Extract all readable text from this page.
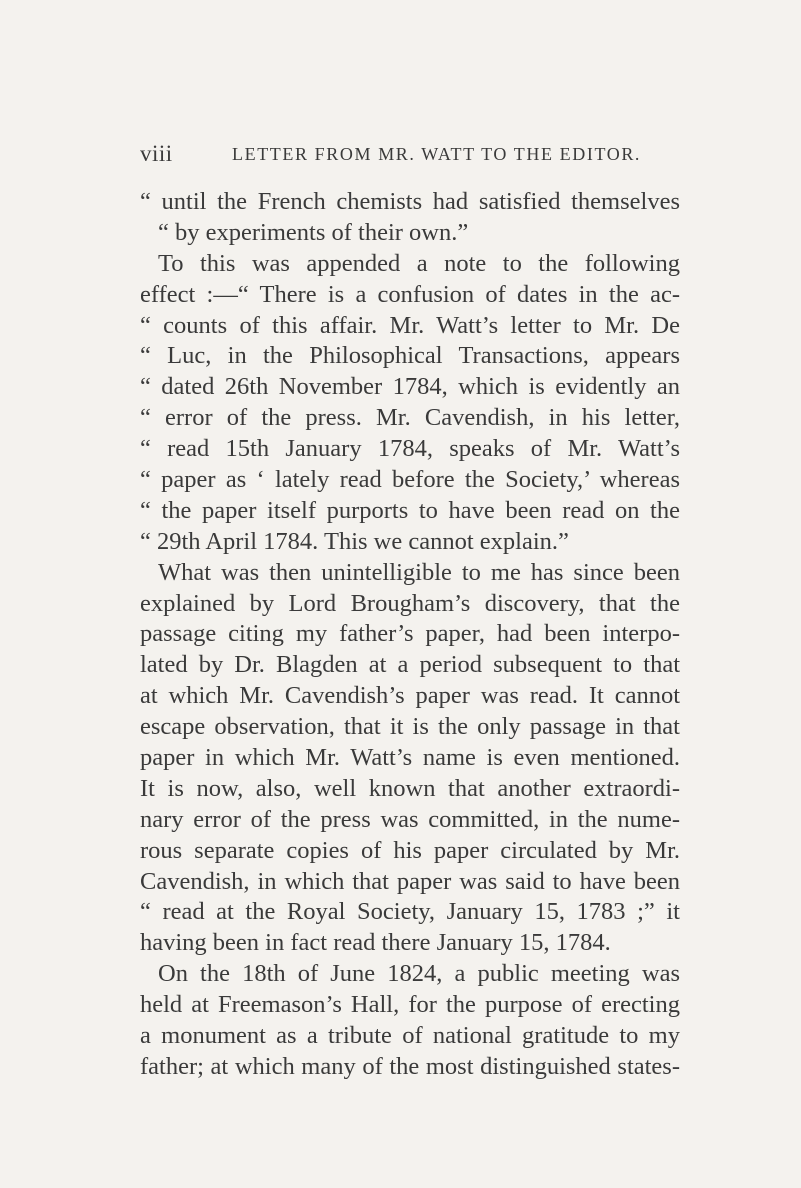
viii	LETTER FROM MR. WATT TO THE EDITOR.
“ until the French chemists had satisfied themselves
“ by experiments of their own.”
To this was appended a note to the following
effect :—“ There is a confusion of dates in the ac-
“ counts of this affair. Mr. Watt’s letter to Mr. De
“ Luc, in the Philosophical Transactions, appears
“ dated 26th November 1784, which is evidently an
“ error of the press. Mr. Cavendish, in his letter,
“ read 15th January 1784, speaks of Mr. Watt’s
“ paper as ‘ lately read before the Society,’ whereas
“ the paper itself purports to have been read on the
“ 29th April 1784. This we cannot explain.”
What was then unintelligible to me has since been
explained by Lord Brougham’s discovery, that the
passage citing my father’s paper, had been interpo-
lated by Dr. Blagden at a period subsequent to that
at which Mr. Cavendish’s paper was read. It cannot
escape observation, that it is the only passage in that
paper in which Mr. Watt’s name is even mentioned.
It is now, also, well known that another extraordi-
nary error of the press was committed, in the nume-
rous separate copies of his paper circulated by Mr.
Cavendish, in which that paper was said to have been
“ read at the Royal Society, January 15, 1783 ;” it
having been in fact read there January 15, 1784.
On the 18th of June 1824, a public meeting was
held at Freemason’s Hall, for the purpose of erecting
a monument as a tribute of national gratitude to my
father; at which many of the most distinguished states-
